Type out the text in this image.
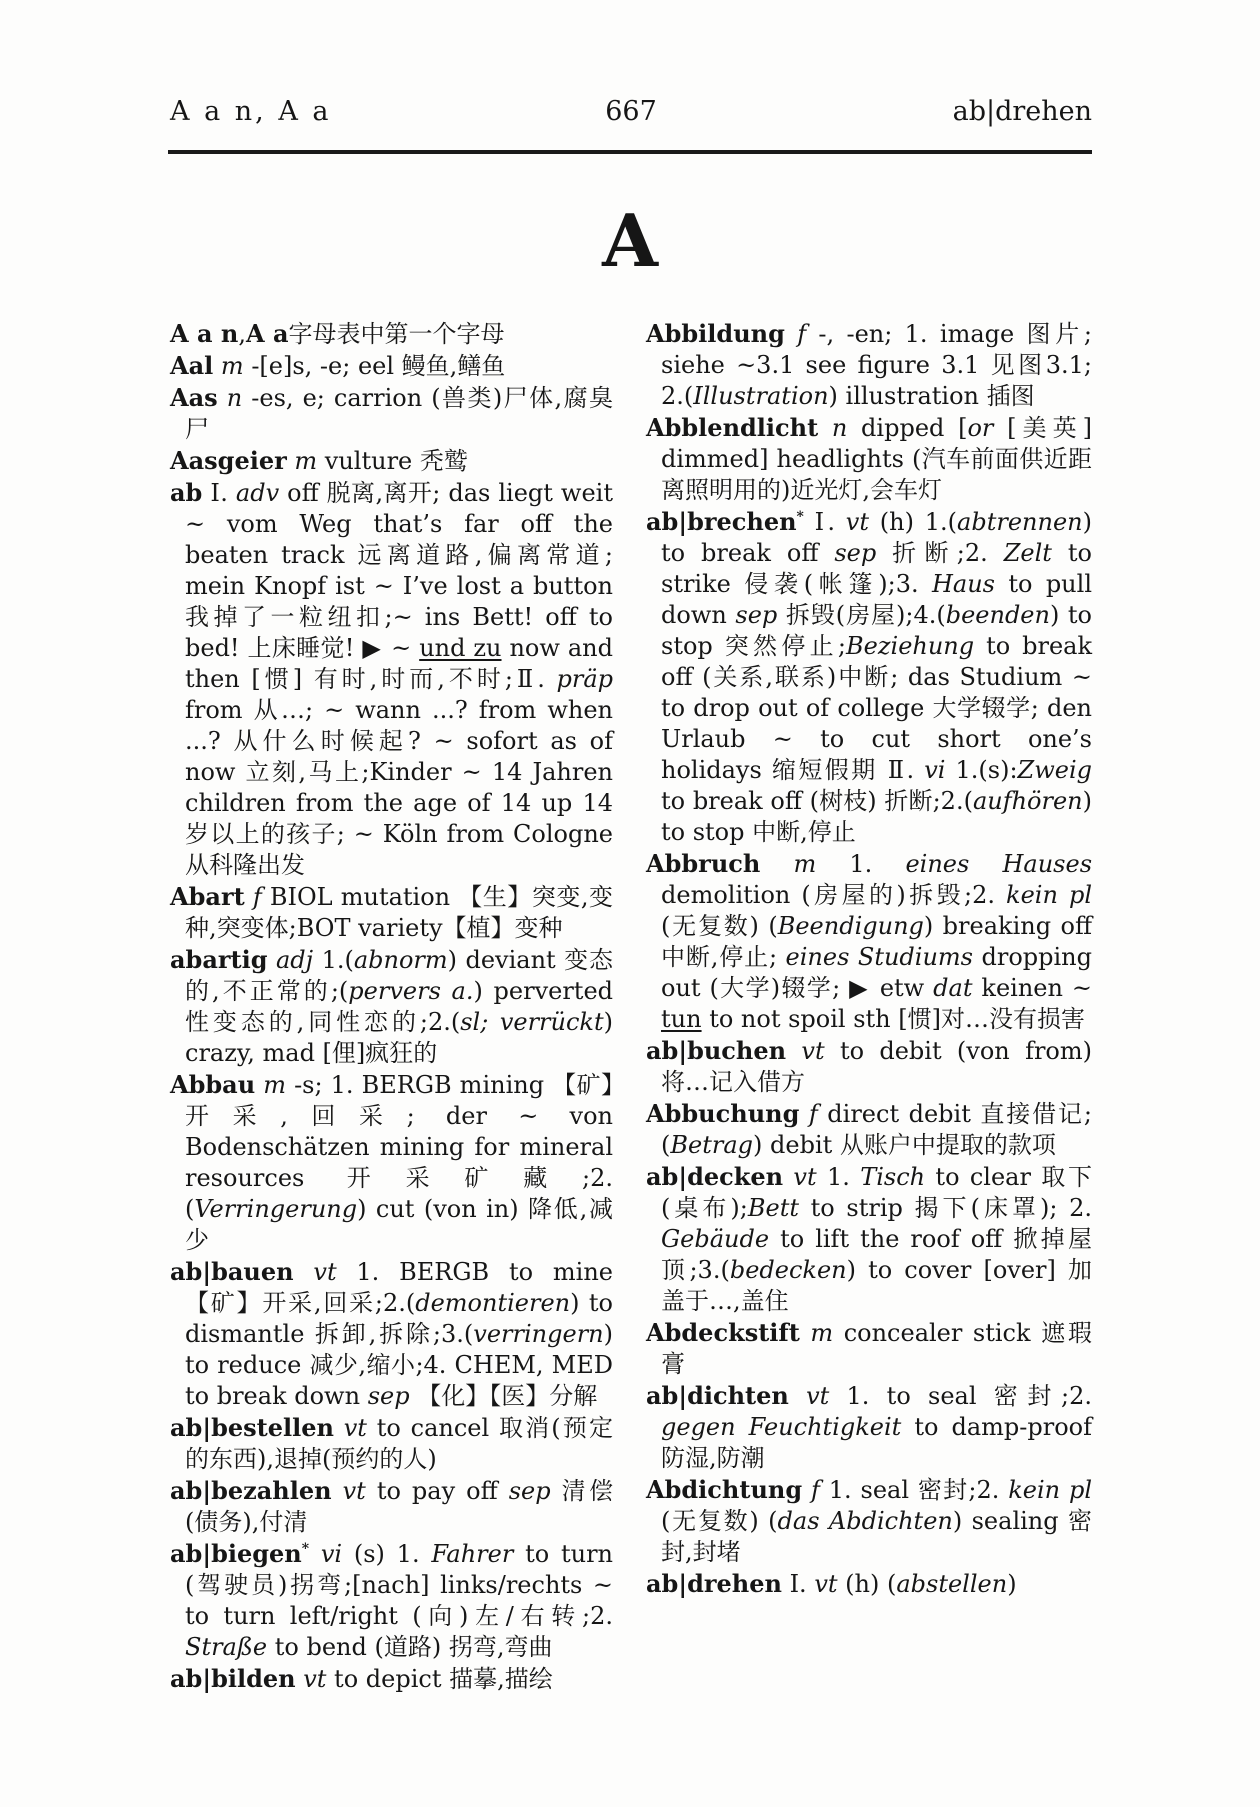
A a n, A a	667	ab|drehen
A

A a n,A a字母表中第一个字母

Aal m -[e]s, -e; eel 鳗鱼,鳝鱼

Aas n -es, e; carrion (兽类)尸体,腐臭尸

Aasgeier m vulture 秃鹫

ab Ⅰ. adv off 脱离,离开; das liegt weit ~ vom Weg that’s far off the beaten track 远离道路,偏离常道; mein Knopf ist ~ I’ve lost a button 我掉了一粒纽扣;~ ins Bett! off to bed! 上床睡觉! ▶ ~ und zu now and then [惯] 有时,时而,不时;Ⅱ. präp from 从…; ~ wann ...? from when ...? 从什么时候起? ~ sofort as of now 立刻,马上;Kinder ~ 14 Jahren children from the age of 14 up 14 岁以上的孩子; ~ Köln from Cologne 从科隆出发

Abart f BIOL mutation 【生】突变,变种,突变体;BOT variety【植】变种

abartig adj 1.(abnorm) deviant 变态的,不正常的;(pervers a.) perverted 性变态的,同性恋的;2.(sl; verrückt) crazy, mad [俚]疯狂的

Abbau m -s; 1. BERGB mining 【矿】开采,回采; der ~ von Bodenschätzen mining for mineral resources 开采矿藏;2.(Verringerung) cut (von in) 降低,减少

ab|bauen vt 1. BERGB to mine 【矿】开采,回采;2.(demontieren) to dismantle 拆卸,拆除;3.(verringern) to reduce 减少,缩小;4. CHEM, MED to break down sep 【化】【医】分解

ab|bestellen vt to cancel 取消(预定的东西),退掉(预约的人)

ab|bezahlen vt to pay off sep 清偿(债务),付清

ab|biegen* vi (s) 1. Fahrer to turn (驾驶员)拐弯;[nach] links/rechts ~ to turn left/right (向)左/右转;2. Straße to bend (道路) 拐弯,弯曲

ab|bilden vt to depict 描摹,描绘

Abbildung f -, -en; 1. image 图片; siehe ~3.1 see figure 3.1 见图3.1; 2.(Illustration) illustration 插图

Abblendlicht n dipped [or [美英] dimmed] headlights (汽车前面供近距离照明用的)近光灯,会车灯

ab|brechen* Ⅰ. vt (h) 1.(abtrennen) to break off sep 折断;2. Zelt to strike 侵袭(帐篷);3. Haus to pull down sep 拆毁(房屋);4.(beenden) to stop 突然停止;Beziehung to break off (关系,联系)中断; das Studium ~ to drop out of college 大学辍学; den Urlaub ~ to cut short one’s holidays 缩短假期 Ⅱ. vi 1.(s):Zweig to break off (树枝) 折断;2.(aufhören) to stop 中断,停止

Abbruch m 1. eines Hauses demolition (房屋的)拆毁;2. kein pl (无复数) (Beendigung) breaking off 中断,停止; eines Studiums dropping out (大学)辍学; ▶ etw dat keinen ~ tun to not spoil sth [惯]对…没有损害

ab|buchen vt to debit (von from)将…记入借方

Abbuchung f direct debit 直接借记; (Betrag) debit 从账户中提取的款项

ab|decken vt 1. Tisch to clear 取下(桌布);Bett to strip 揭下(床罩); 2. Gebäude to lift the roof off 掀掉屋顶;3.(bedecken) to cover [over] 加盖于…,盖住

Abdeckstift m concealer stick 遮瑕膏

ab|dichten vt 1. to seal 密封;2. gegen Feuchtigkeit to damp-proof 防湿,防潮

Abdichtung f 1. seal 密封;2. kein pl (无复数) (das Abdichten) sealing 密封,封堵

ab|drehen Ⅰ. vt (h) (abstellen)
